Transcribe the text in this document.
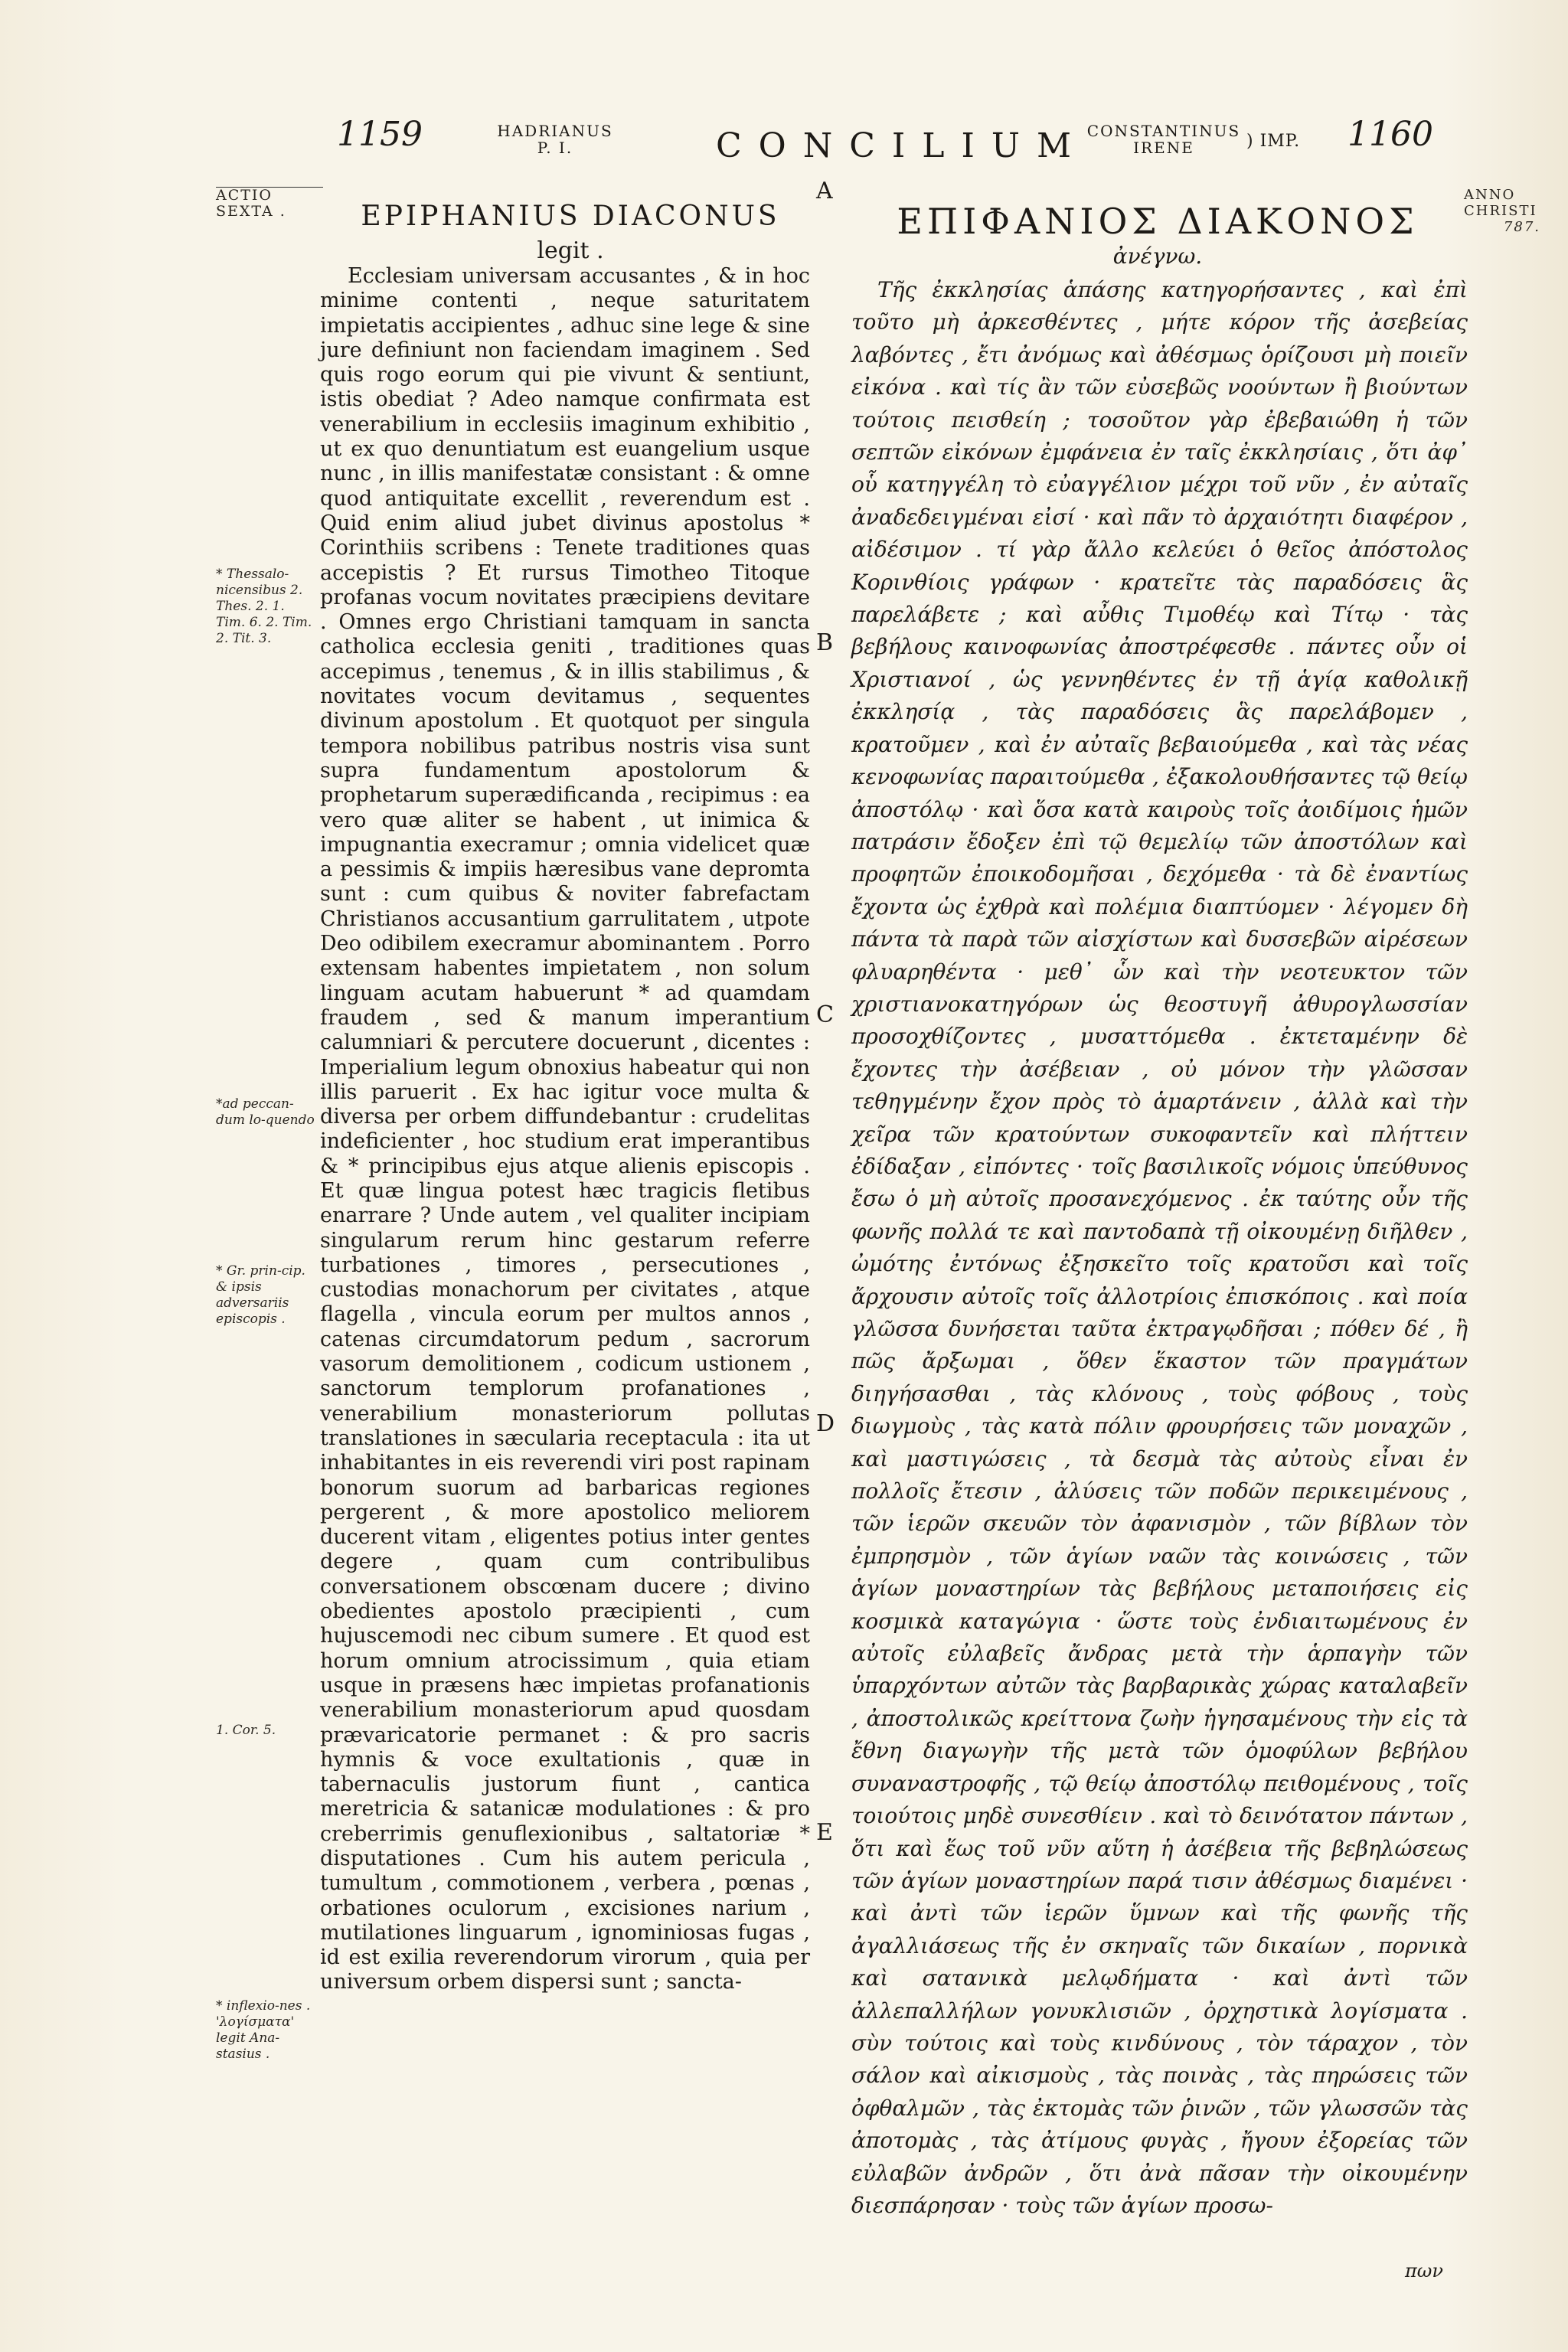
1159	HADRIANUS
P. I.	CONCILIUM
CONSTANTINUS
IRENE	) IMP. 1160
ACTIO
SEXTA .
* Thessalo-nicensibus 2. Thes. 2. 1. Tim. 6. 2. Tim. 2. Tit. 3.
*ad peccan-dum lo-quendo
* Gr. prin-cip. & ipsis adversariis episcopis .
1. Cor. 5.
* inflexio-nes . 'λογίσματα' legit Ana-stasius .
ANNO
CHRISTI
787.
A
B
C
D
E
EPIPHANIUS DIACONUS
legit .

Ecclesiam universam accusantes , & in hoc minime contenti , neque saturitatem impietatis accipientes , adhuc sine lege & sine jure definiunt non faciendam imaginem . Sed quis rogo eorum qui pie vivunt & sentiunt, istis obediat ? Adeo namque confirmata est venerabilium in ecclesiis imaginum exhibitio , ut ex quo denuntiatum est euangelium usque nunc , in illis manifestatæ consistant : & omne quod antiquitate excellit , reverendum est . Quid enim aliud jubet divinus apostolus * Corinthiis scribens : Tenete traditiones quas accepistis ? Et rursus Timotheo Titoque profanas vocum novitates præcipiens devitare . Omnes ergo Christiani tamquam in sancta catholica ecclesia geniti , traditiones quas accepimus , tenemus , & in illis stabilimus , & novitates vocum devitamus , sequentes divinum apostolum . Et quotquot per singula tempora nobilibus patribus nostris visa sunt supra fundamentum apostolorum & prophetarum superædificanda , recipimus : ea vero quæ aliter se habent , ut inimica & impugnantia execramur ; omnia videlicet quæ a pessimis & impiis hæresibus vane depromta sunt : cum quibus & noviter fabrefactam Christianos accusantium garrulitatem , utpote Deo odibilem execramur abominantem . Porro extensam habentes impietatem , non solum linguam acutam habuerunt * ad quamdam fraudem , sed & manum imperantium calumniari & percutere docuerunt , dicentes : Imperialium legum obnoxius habeatur qui non illis paruerit . Ex hac igitur voce multa & diversa per orbem diffundebantur : crudelitas indeficienter , hoc studium erat imperantibus & * principibus ejus atque alienis episcopis . Et quæ lingua potest hæc tragicis fletibus enarrare ? Unde autem , vel qualiter incipiam singularum rerum hinc gestarum referre turbationes , timores , persecutiones , custodias monachorum per civitates , atque flagella , vincula eorum per multos annos , catenas circumdatorum pedum , sacrorum vasorum demolitionem , codicum ustionem , sanctorum templorum profanationes , venerabilium monasteriorum pollutas translationes in sæcularia receptacula : ita ut inhabitantes in eis reverendi viri post rapinam bonorum suorum ad barbaricas regiones pergerent , & more apostolico meliorem ducerent vitam , eligentes potius inter gentes degere , quam cum contribulibus conversationem obscœnam ducere ; divino obedientes apostolo præcipienti , cum hujuscemodi nec cibum sumere . Et quod est horum omnium atrocissimum , quia etiam usque in præsens hæc impietas profanationis venerabilium monasteriorum apud quosdam prævaricatorie permanet : & pro sacris hymnis & voce exultationis , quæ in tabernaculis justorum fiunt , cantica meretricia & satanicæ modulationes : & pro creberrimis genuflexionibus , saltatoriæ * disputationes . Cum his autem pericula , tumultum , commotionem , verbera , pœnas , orbationes oculorum , excisiones narium , mutilationes linguarum , ignominiosas fugas , id est exilia reverendorum virorum , quia per universum orbem dispersi sunt ; sancta-

ΕΠΙΦΑΝΙΟΣ ΔΙΑΚΟΝΟΣ
ἀνέγνω.

Τῆς ἐκκλησίας ἁπάσης κατηγορήσαντες , καὶ ἐπὶ τοῦτο μὴ ἀρκεσθέντες , μήτε κόρον τῆς ἀσεβείας λαβόντες , ἔτι ἀνόμως καὶ ἀθέσμως ὁρίζουσι μὴ ποιεῖν εἰκόνα . καὶ τίς ἂν τῶν εὐσεβῶς νοούντων ἢ βιούντων τούτοις πεισθείη ; τοσοῦτον γὰρ ἐβεβαιώθη ἡ τῶν σεπτῶν εἰκόνων ἐμφάνεια ἐν ταῖς ἐκκλησίαις , ὅτι ἀφ᾽ οὗ κατηγγέλη τὸ εὐαγγέλιον μέχρι τοῦ νῦν , ἐν αὐταῖς ἀναδεδειγμέναι εἰσί · καὶ πᾶν τὸ ἀρχαιότητι διαφέρον , αἰδέσιμον . τί γὰρ ἄλλο κελεύει ὁ θεῖος ἀπόστολος Κορινθίοις γράφων · κρατεῖτε τὰς παραδόσεις ἃς παρελάβετε ; καὶ αὖθις Τιμοθέῳ καὶ Τίτῳ · τὰς βεβήλους καινοφωνίας ἀποστρέφεσθε . πάντες οὖν οἱ Χριστιανοί , ὡς γεννηθέντες ἐν τῇ ἁγίᾳ καθολικῇ ἐκκλησίᾳ , τὰς παραδόσεις ἃς παρελάβομεν , κρατοῦμεν , καὶ ἐν αὐταῖς βεβαιούμεθα , καὶ τὰς νέας κενοφωνίας παραιτούμεθα , ἐξακολουθήσαντες τῷ θείῳ ἀποστόλῳ · καὶ ὅσα κατὰ καιροὺς τοῖς ἀοιδίμοις ἡμῶν πατράσιν ἔδοξεν ἐπὶ τῷ θεμελίῳ τῶν ἀποστόλων καὶ προφητῶν ἐποικοδομῆσαι , δεχόμεθα · τὰ δὲ ἐναντίως ἔχοντα ὡς ἐχθρὰ καὶ πολέμια διαπτύομεν · λέγομεν δὴ πάντα τὰ παρὰ τῶν αἰσχίστων καὶ δυσσεβῶν αἱρέσεων φλυαρηθέντα · μεθ᾽ ὧν καὶ τὴν νεοτευκτον τῶν χριστιανοκατηγόρων ὡς θεοστυγῆ ἀθυρογλωσσίαν προσοχθίζοντες , μυσαττόμεθα . ἐκτεταμένην δὲ ἔχοντες τὴν ἀσέβειαν , οὐ μόνον τὴν γλῶσσαν τεθηγμένην ἔχον πρὸς τὸ ἁμαρτάνειν , ἀλλὰ καὶ τὴν χεῖρα τῶν κρατούντων συκοφαντεῖν καὶ πλήττειν ἐδίδαξαν , εἰπόντες · τοῖς βασιλικοῖς νόμοις ὑπεύθυνος ἔσω ὁ μὴ αὐτοῖς προσανεχόμενος . ἐκ ταύτης οὖν τῆς φωνῆς πολλά τε καὶ παντοδαπὰ τῇ οἰκουμένῃ διῆλθεν , ὠμότης ἐντόνως ἐξησκεῖτο τοῖς κρατοῦσι καὶ τοῖς ἄρχουσιν αὐτοῖς τοῖς ἀλλοτρίοις ἐπισκόποις . καὶ ποία γλῶσσα δυνήσεται ταῦτα ἐκτραγῳδῆσαι ; πόθεν δέ , ἢ πῶς ἄρξωμαι , ὅθεν ἕκαστον τῶν πραγμάτων διηγήσασθαι , τὰς κλόνους , τοὺς φόβους , τοὺς διωγμοὺς , τὰς κατὰ πόλιν φρουρήσεις τῶν μοναχῶν , καὶ μαστιγώσεις , τὰ δεσμὰ τὰς αὐτοὺς εἶναι ἐν πολλοῖς ἔτεσιν , ἀλύσεις τῶν ποδῶν περικειμένους , τῶν ἱερῶν σκευῶν τὸν ἀφανισμὸν , τῶν βίβλων τὸν ἐμπρησμὸν , τῶν ἁγίων ναῶν τὰς κοινώσεις , τῶν ἁγίων μοναστηρίων τὰς βεβήλους μεταποιήσεις εἰς κοσμικὰ καταγώγια · ὥστε τοὺς ἐνδιαιτωμένους ἐν αὐτοῖς εὐλαβεῖς ἄνδρας μετὰ τὴν ἁρπαγὴν τῶν ὑπαρχόντων αὐτῶν τὰς βαρβαρικὰς χώρας καταλαβεῖν , ἀποστολικῶς κρείττονα ζωὴν ἡγησαμένους τὴν εἰς τὰ ἔθνη διαγωγὴν τῆς μετὰ τῶν ὁμοφύλων βεβήλου συναναστροφῆς , τῷ θείῳ ἀποστόλῳ πειθομένους , τοῖς τοιούτοις μηδὲ συνεσθίειν . καὶ τὸ δεινότατον πάντων , ὅτι καὶ ἕως τοῦ νῦν αὕτη ἡ ἀσέβεια τῆς βεβηλώσεως τῶν ἁγίων μοναστηρίων παρά τισιν ἀθέσμως διαμένει · καὶ ἀντὶ τῶν ἱερῶν ὕμνων καὶ τῆς φωνῆς τῆς ἀγαλλιάσεως τῆς ἐν σκηναῖς τῶν δικαίων , πορνικὰ καὶ σατανικὰ μελῳδήματα · καὶ ἀντὶ τῶν ἀλλεπαλλήλων γονυκλισιῶν , ὀρχηστικὰ λογίσματα . σὺν τούτοις καὶ τοὺς κινδύνους , τὸν τάραχον , τὸν σάλον καὶ αἰκισμοὺς , τὰς ποινὰς , τὰς πηρώσεις τῶν ὀφθαλμῶν , τὰς ἐκτομὰς τῶν ῥινῶν , τῶν γλωσσῶν τὰς ἀποτομὰς , τὰς ἀτίμους φυγὰς , ἤγουν ἐξορείας τῶν εὐλαβῶν ἀνδρῶν , ὅτι ἀνὰ πᾶσαν τὴν οἰκουμένην διεσπάρησαν · τοὺς τῶν ἁγίων προσω-

πων
